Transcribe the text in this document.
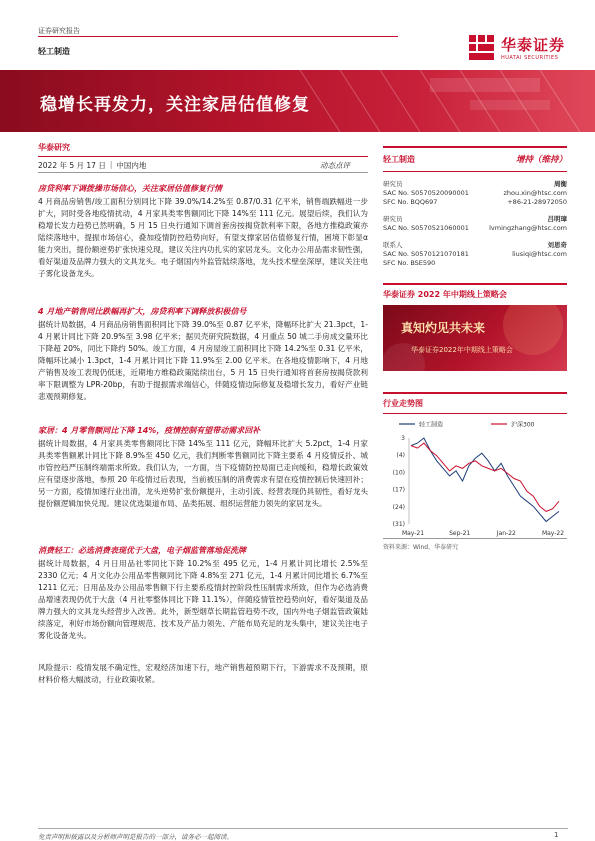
证券研究报告
轻工制造	华泰证券
HUATAI SECURITIES
稳增长再发力，关注家居估值修复
华泰研究
2022 年 5 月 17 日 | 中国内地	动态点评
房贷利率下调拨操市场信心，关注家居估值修复行情
4 月商品房销售/竣工面积分别同比下降 39.0%/14.2%至 0.87/0.31 亿平米，销售端跌幅进一步扩大，同时受各地疫情扰动，4 月家具类零售额同比下降 14%至 111 亿元。展望后续，我们认为稳增长发力趋势已然明确，5 月 15 日央行通知下调首套房按揭贷款利率下限，各地方推稳政策亦陆续落地中，提振市场信心，叠加疫情防控趋势向好，有望支撑家居估值修复行情，困境下彰显α能力突出，提份额逆势扩张快速兑现，建议关注内功扎实的家居龙头。文化办公用品需求韧性强，看好渠道及品牌力强大的文具龙头。电子烟国内外监管陆续落地，龙头技术壁垒深厚，建议关注电子雾化设备龙头。
4 月地产销售同比跌幅再扩大，房贷利率下调释放积极信号
据统计局数据，4 月商品房销售面积同比下降 39.0%至 0.87 亿平米，降幅环比扩大 21.3pct，1-4 月累计同比下降 20.9%至 3.98 亿平米；据贝壳研究院数据，4 月重点 50 城二手房成交量环比下降超 20%，同比下降约 50%。竣工方面，4 月房屋竣工面积同比下降 14.2%至 0.31 亿平米，降幅环比减小 1.3pct，1-4 月累计同比下降 11.9%至 2.00 亿平米。在各地疫情影响下，4 月地产销售及竣工表现仍低迷，近期地方维稳政策陆续出台，5 月 15 日央行通知将首套房按揭贷款利率下限调整为 LPR-20bp，有助于提振需求端信心，伴随疫情边际修复及稳增长发力，看好产业链悲观预期修复。
家居：4 月零售额同比下降 14%，疫情控制有望带动需求回补
据统计局数据，4 月家具类零售额同比下降 14%至 111 亿元，降幅环比扩大 5.2pct，1-4 月家具类零售额累计同比下降 8.9%至 450 亿元，我们判断零售额同比下降主要系 4 月疫情反扑、城市管控趋严压制终端需求所致。我们认为，一方面，当下疫情防控局面已走向缓和，稳增长政策效应有望逐步落地，参照 20 年疫情过后表现，当前被压制的消费需求有望在疫情控制后快速回补；另一方面，疫情加速行业出清，龙头逆势扩张份额提升，主动引流、经营表现仍具韧性，看好龙头提份额逻辑加快兑现。建议优选渠道布局、品类拓展、组织运营能力领先的家居龙头。
消费轻工：必选消费表现优于大盘，电子烟监管落地促洗牌
据统计局数据，4 月日用品社零同比下降 10.2%至 495 亿元，1-4 月累计同比增长 2.5%至 2330 亿元；4 月文化办公用品零售额同比下降 4.8%至 271 亿元，1-4 月累计同比增长 6.7%至 1211 亿元；日用品及办公用品零售额下行主要系疫情封控阶段性压制需求所致，但作为必选消费品增速表现仍优于大盘（4 月社零整体同比下降 11.1%），伴随疫情管控趋势向好，看好渠道及品牌力强大的文具龙头经营步入改善。此外，新型烟草长期监管趋势不改，国内外电子烟监管政策陆续落定，利好市场份额向管理规范、技术及产品力领先、产能布局充足的龙头集中，建议关注电子雾化设备龙头。
风险提示：疫情发展不确定性，宏观经济加速下行，地产销售超预期下行，下游需求不及预期，原材料价格大幅波动，行业政策收紧。
轻工制造	增持（维持）
研究员	周衡
SAC No. S0570520090001	zhou.xin@htsc.com
SFC No. BQQ697	+86-21-28972050
研究员	吕明璋
SAC No. S0570521060001	lvmingzhang@htsc.com
联系人	刘思奇
SAC No. S0570121070181	liusiqi@htsc.com
SFC No. BSE590
华泰证券 2022 年中期线上策略会
真知灼见共未来
华泰证券2022年中期线上策略会
行业走势图
轻工制造	沪深300
3
(4)
(10)
(17)
(24)
(31)
May-21	Sep-21	Jan-22	May-22
资料来源：Wind，华泰研究
免责声明和披露以及分析师声明是报告的一部分，请务必一起阅读。	1
